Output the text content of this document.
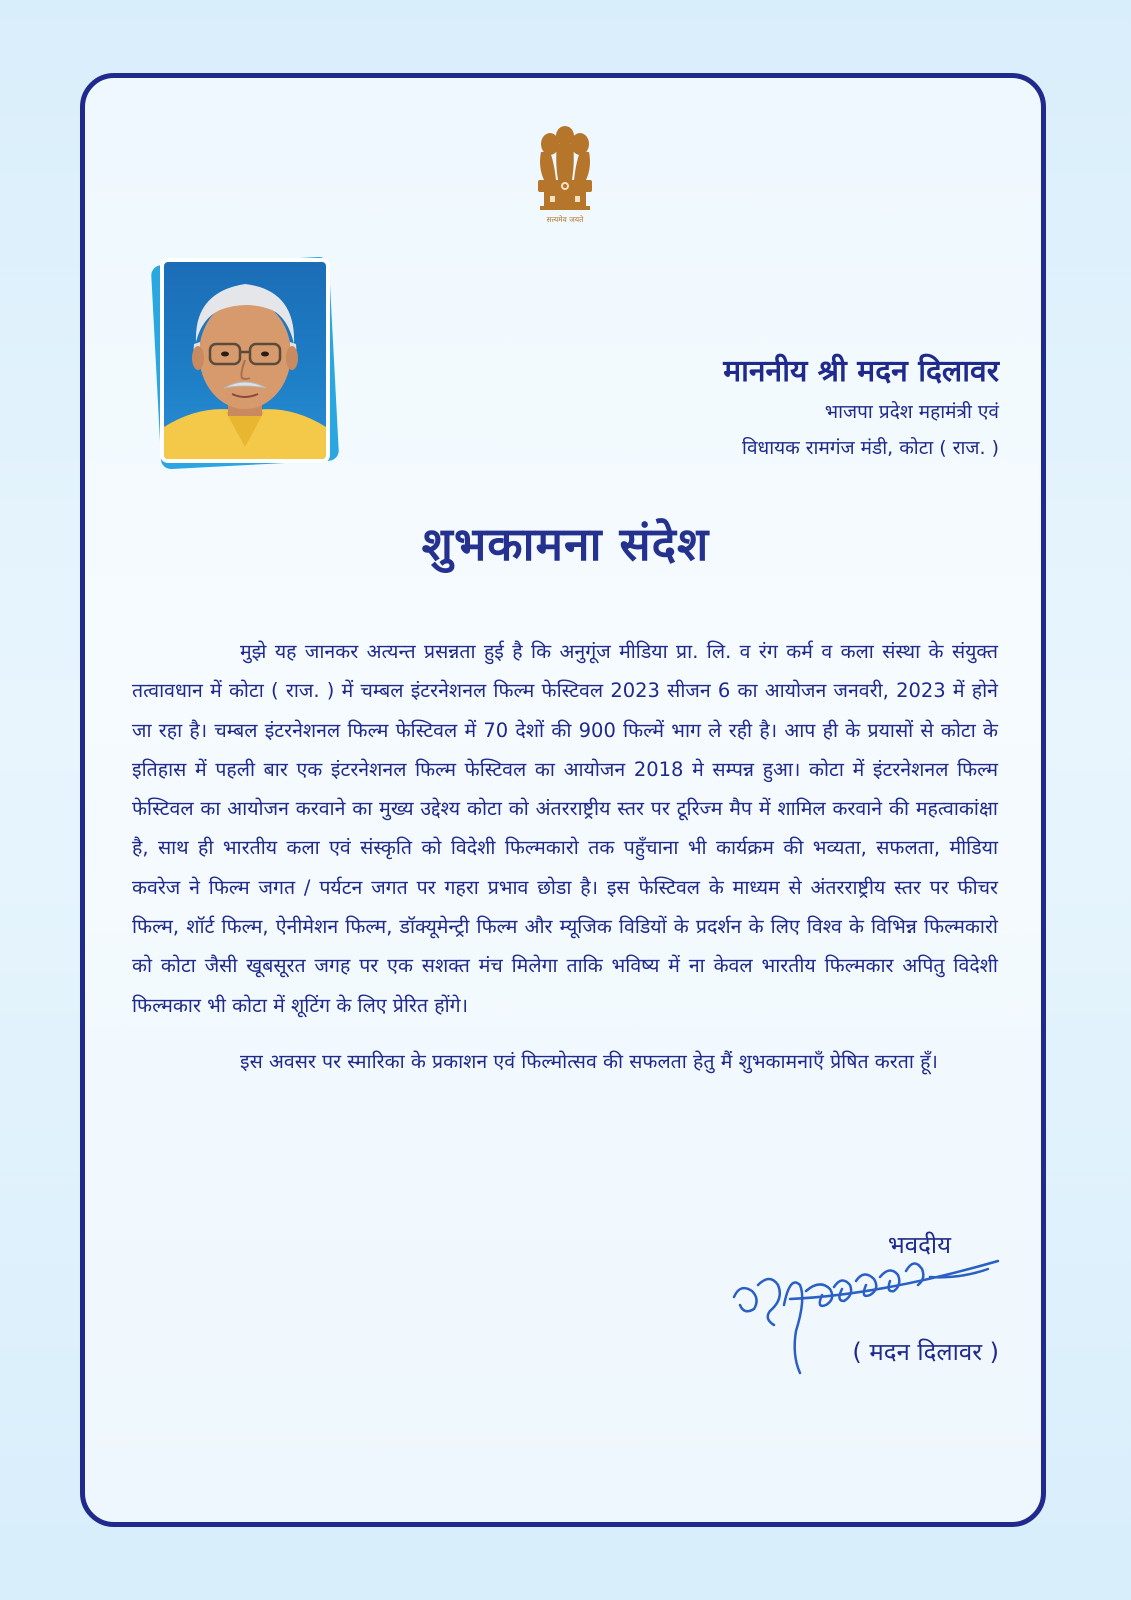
सत्यमेव जयते
माननीय श्री मदन दिलावर
भाजपा प्रदेश महामंत्री एवं
विधायक रामगंज मंडी, कोटा ( राज. )
शुभकामना संदेश

मुझे यह जानकर अत्यन्त प्रसन्नता हुई है कि अनुगूंज मीडिया प्रा. लि. व रंग कर्म व कला संस्था के संयुक्त तत्वावधान में कोटा ( राज. ) में चम्बल इंटरनेशनल फिल्म फेस्टिवल 2023 सीजन 6 का आयोजन जनवरी, 2023 में होने जा रहा है। चम्बल इंटरनेशनल फिल्म फेस्टिवल में 70 देशों की 900 फिल्में भाग ले रही है। आप ही के प्रयासों से कोटा के इतिहास में पहली बार एक इंटरनेशनल फिल्म फेस्टिवल का आयोजन 2018 मे सम्पन्न हुआ। कोटा में इंटरनेशनल फिल्म फेस्टिवल का आयोजन करवाने का मुख्य उद्देश्य कोटा को अंतरराष्ट्रीय स्तर पर टूरिज्म मैप में शामिल करवाने की महत्वाकांक्षा है, साथ ही भारतीय कला एवं संस्कृति को विदेशी फिल्मकारो तक पहुँचाना भी कार्यक्रम की भव्यता, सफलता, मीडिया कवरेज ने फिल्म जगत / पर्यटन जगत पर गहरा प्रभाव छोडा है। इस फेस्टिवल के माध्यम से अंतरराष्ट्रीय स्तर पर फीचर फिल्म, शॉर्ट फिल्म, ऐनीमेशन फिल्म, डॉक्यूमेन्ट्री फिल्म और म्यूजिक विडियों के प्रदर्शन के लिए विश्व के विभिन्न फिल्मकारो को कोटा जैसी खूबसूरत जगह पर एक सशक्त मंच मिलेगा ताकि भविष्य में ना केवल भारतीय फिल्मकार अपितु विदेशी फिल्मकार भी कोटा में शूटिंग के लिए प्रेरित होंगे।

इस अवसर पर स्मारिका के प्रकाशन एवं फिल्मोत्सव की सफलता हेतु मैं शुभकामनाएँ प्रेषित करता हूँ।

भवदीय
( मदन दिलावर )
